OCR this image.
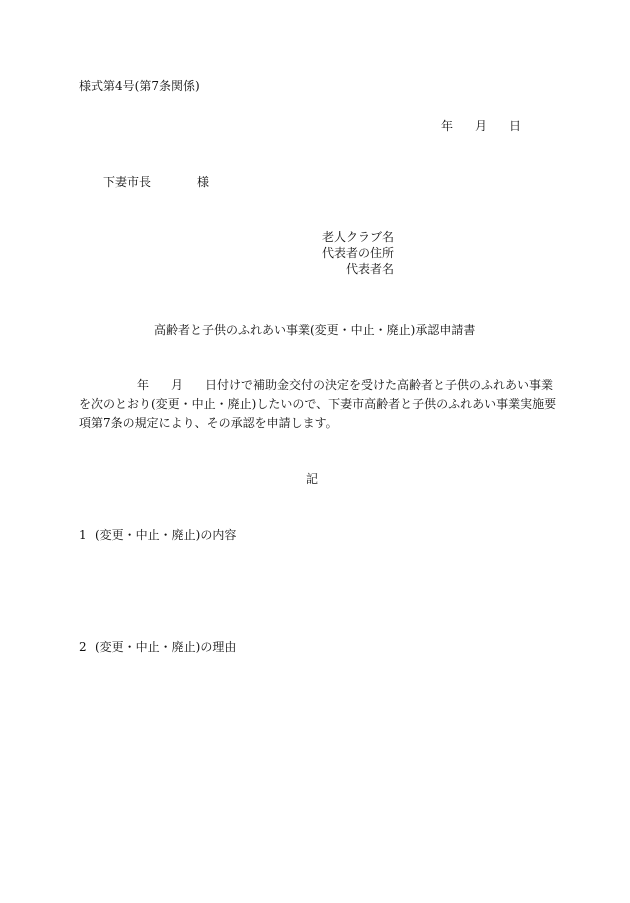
様式第4号(第7条関係)
年 月 日
下妻市長	様
老人クラブ名
代表者の住所
代表者名
高齢者と子供のふれあい事業(変更・中止・廃止)承認申請書

年 月 日付けで補助金交付の決定を受けた高齢者と子供のふれあい事業

を次のとおり(変更・中止・廃止)したいので、下妻市高齢者と子供のふれあい事業実施要

項第7条の規定により、その承認を申請します。

記
1 (変更・中止・廃止)の内容
2 (変更・中止・廃止)の理由
